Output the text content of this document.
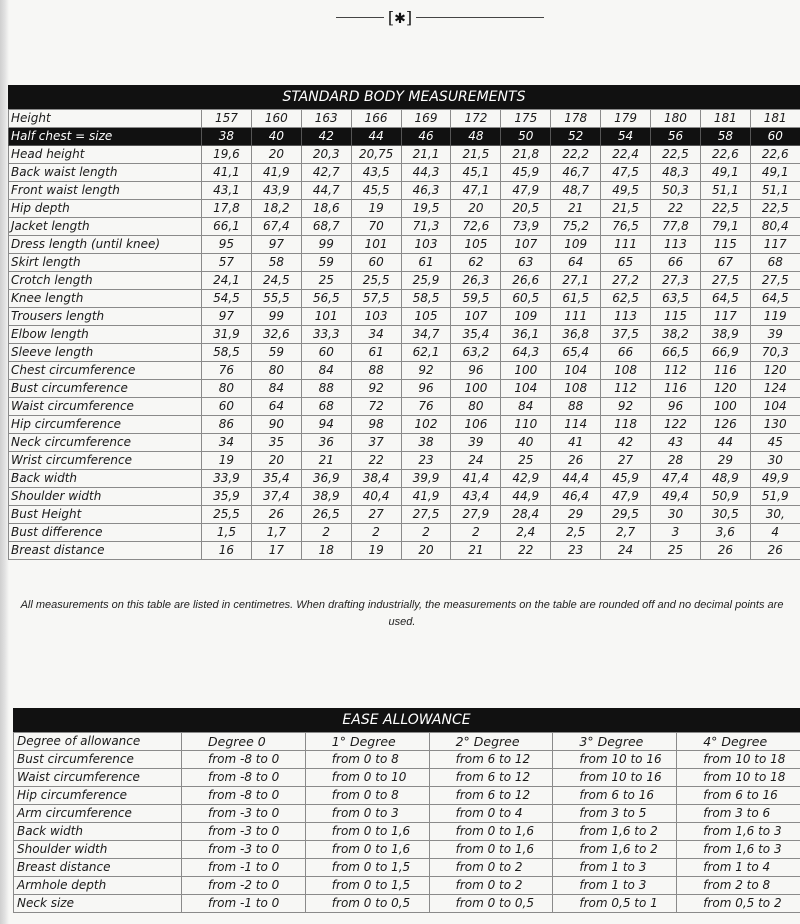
[✱]
STANDARD BODY MEASUREMENTS
Height	157	160	163	166	169	172	175	178	179	180	181	181
Half chest = size	38	40	42	44	46	48	50	52	54	56	58	60
Head height	19,6	20	20,3	20,75	21,1	21,5	21,8	22,2	22,4	22,5	22,6	22,6
Back waist length	41,1	41,9	42,7	43,5	44,3	45,1	45,9	46,7	47,5	48,3	49,1	49,1
Front waist length	43,1	43,9	44,7	45,5	46,3	47,1	47,9	48,7	49,5	50,3	51,1	51,1
Hip depth	17,8	18,2	18,6	19	19,5	20	20,5	21	21,5	22	22,5	22,5
Jacket length	66,1	67,4	68,7	70	71,3	72,6	73,9	75,2	76,5	77,8	79,1	80,4
Dress length (until knee)	95	97	99	101	103	105	107	109	111	113	115	117
Skirt length	57	58	59	60	61	62	63	64	65	66	67	68
Crotch length	24,1	24,5	25	25,5	25,9	26,3	26,6	27,1	27,2	27,3	27,5	27,5
Knee length	54,5	55,5	56,5	57,5	58,5	59,5	60,5	61,5	62,5	63,5	64,5	64,5
Trousers length	97	99	101	103	105	107	109	111	113	115	117	119
Elbow length	31,9	32,6	33,3	34	34,7	35,4	36,1	36,8	37,5	38,2	38,9	39
Sleeve length	58,5	59	60	61	62,1	63,2	64,3	65,4	66	66,5	66,9	70,3
Chest circumference	76	80	84	88	92	96	100	104	108	112	116	120
Bust circumference	80	84	88	92	96	100	104	108	112	116	120	124
Waist circumference	60	64	68	72	76	80	84	88	92	96	100	104
Hip circumference	86	90	94	98	102	106	110	114	118	122	126	130
Neck circumference	34	35	36	37	38	39	40	41	42	43	44	45
Wrist circumference	19	20	21	22	23	24	25	26	27	28	29	30
Back width	33,9	35,4	36,9	38,4	39,9	41,4	42,9	44,4	45,9	47,4	48,9	49,9
Shoulder width	35,9	37,4	38,9	40,4	41,9	43,4	44,9	46,4	47,9	49,4	50,9	51,9
Bust Height	25,5	26	26,5	27	27,5	27,9	28,4	29	29,5	30	30,5	30,
Bust difference	1,5	1,7	2	2	2	2	2,4	2,5	2,7	3	3,6	4
Breast distance	16	17	18	19	20	21	22	23	24	25	26	26
All measurements on this table are listed in centimetres. When drafting industrially, the measurements on the table are rounded off and no decimal points are used.
EASE ALLOWANCE
Degree of allowance	Degree 0	1° Degree	2° Degree	3° Degree	4° Degree
Bust circumference	from -8 to 0	from 0 to 8	from 6 to 12	from 10 to 16	from 10 to 18
Waist circumference	from -8 to 0	from 0 to 10	from 6 to 12	from 10 to 16	from 10 to 18
Hip circumference	from -8 to 0	from 0 to 8	from 6 to 12	from 6 to 16	from 6 to 16
Arm circumference	from -3 to 0	from 0 to 3	from 0 to 4	from 3 to 5	from 3 to 6
Back width	from -3 to 0	from 0 to 1,6	from 0 to 1,6	from 1,6 to 2	from 1,6 to 3
Shoulder width	from -3 to 0	from 0 to 1,6	from 0 to 1,6	from 1,6 to 2	from 1,6 to 3
Breast distance	from -1 to 0	from 0 to 1,5	from 0 to 2	from 1 to 3	from 1 to 4
Armhole depth	from -2 to 0	from 0 to 1,5	from 0 to 2	from 1 to 3	from 2 to 8
Neck size	from -1 to 0	from 0 to 0,5	from 0 to 0,5	from 0,5 to 1	from 0,5 to 2
